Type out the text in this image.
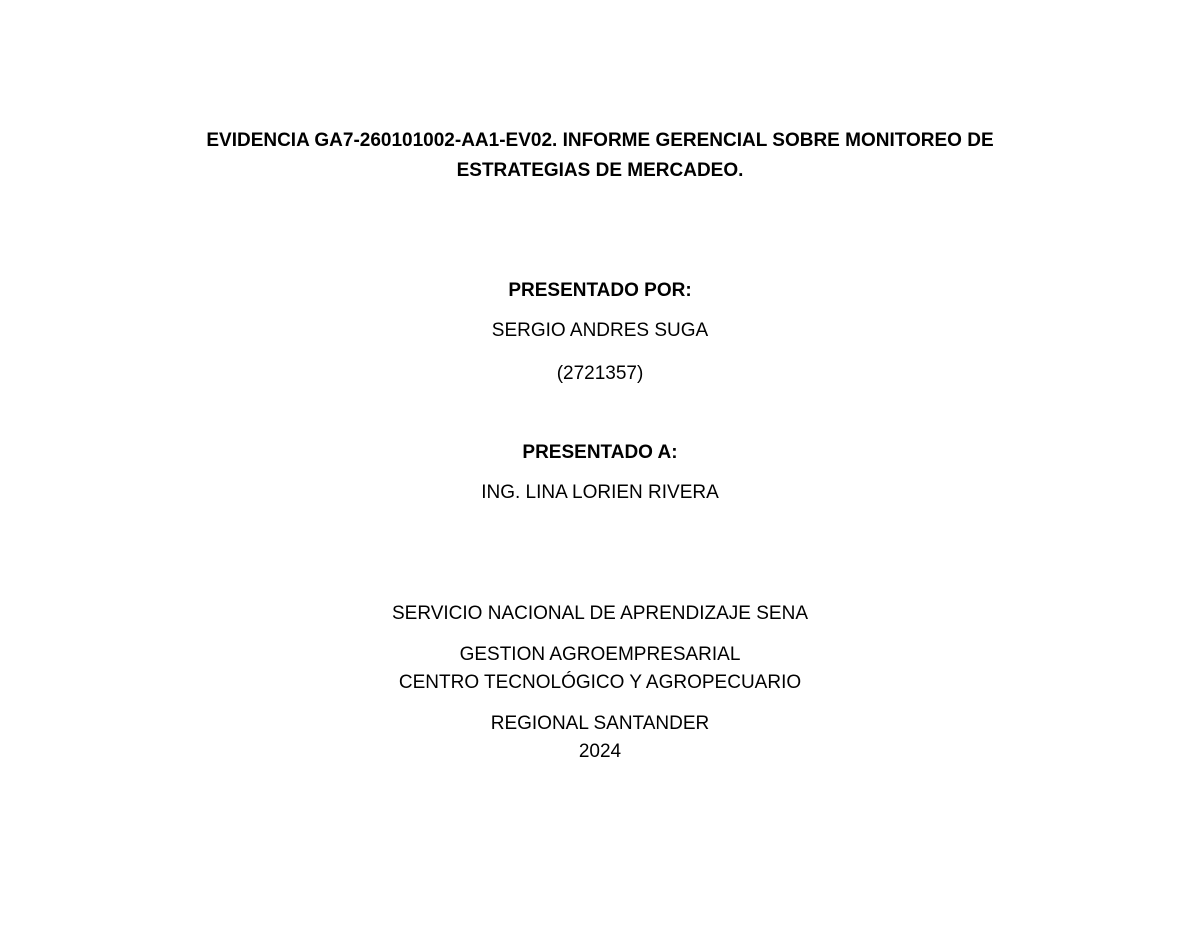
EVIDENCIA GA7-260101002-AA1-EV02. INFORME GERENCIAL SOBRE MONITOREO DE
ESTRATEGIAS DE MERCADEO.
PRESENTADO POR:
SERGIO ANDRES SUGA
(2721357)
PRESENTADO A:
ING. LINA LORIEN RIVERA
SERVICIO NACIONAL DE APRENDIZAJE SENA
GESTION AGROEMPRESARIAL
CENTRO TECNOLÓGICO Y AGROPECUARIO
REGIONAL SANTANDER
2024
